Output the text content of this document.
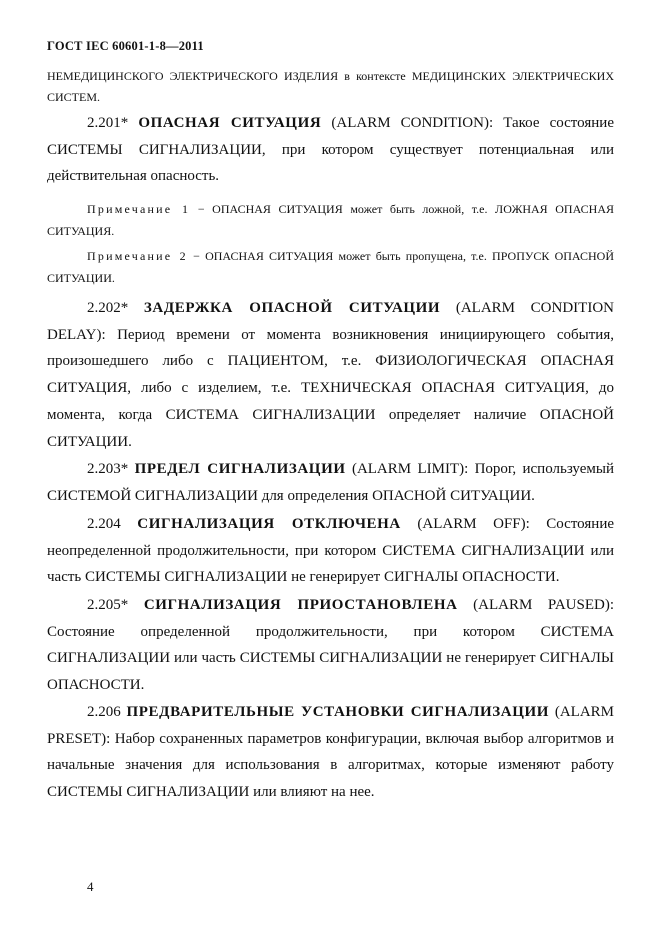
ГОСТ IEC 60601-1-8—2011

НЕМЕДИЦИНСКОГО ЭЛЕКТРИЧЕСКОГО ИЗДЕЛИЯ в контексте МЕДИЦИНСКИХ ЭЛЕКТРИЧЕСКИХ СИСТЕМ.

2.201* ОПАСНАЯ СИТУАЦИЯ (ALARM CONDITION): Такое состояние СИСТЕМЫ СИГНАЛИЗАЦИИ, при котором существует потенциальная или действительная опасность.

Примечание 1 − ОПАСНАЯ СИТУАЦИЯ может быть ложной, т.е. ЛОЖНАЯ ОПАСНАЯ СИТУАЦИЯ.

Примечание 2 − ОПАСНАЯ СИТУАЦИЯ может быть пропущена, т.е. ПРОПУСК ОПАСНОЙ СИТУАЦИИ.

2.202* ЗАДЕРЖКА ОПАСНОЙ СИТУАЦИИ (ALARM CONDITION DELAY): Период времени от момента возникновения инициирующего события, произошедшего либо с ПАЦИЕНТОМ, т.е. ФИЗИОЛОГИЧЕСКАЯ ОПАСНАЯ СИТУАЦИЯ, либо с изделием, т.е. ТЕХНИЧЕСКАЯ ОПАСНАЯ СИТУАЦИЯ, до момента, когда СИСТЕМА СИГНАЛИЗАЦИИ определяет наличие ОПАСНОЙ СИТУАЦИИ.

2.203* ПРЕДЕЛ СИГНАЛИЗАЦИИ (ALARM LIMIT): Порог, используемый СИСТЕМОЙ СИГНАЛИЗАЦИИ для определения ОПАСНОЙ СИТУАЦИИ.

2.204 СИГНАЛИЗАЦИЯ ОТКЛЮЧЕНА (ALARM OFF): Состояние неопределенной продолжительности, при котором СИСТЕМА СИГНАЛИЗАЦИИ или часть СИСТЕМЫ СИГНАЛИЗАЦИИ не генерирует СИГНАЛЫ ОПАСНОСТИ.

2.205* СИГНАЛИЗАЦИЯ ПРИОСТАНОВЛЕНА (ALARM PAUSED): Состояние определенной продолжительности, при котором СИСТЕМА СИГНАЛИЗАЦИИ или часть СИСТЕМЫ СИГНАЛИЗАЦИИ не генерирует СИГНАЛЫ ОПАСНОСТИ.

2.206 ПРЕДВАРИТЕЛЬНЫЕ УСТАНОВКИ СИГНАЛИЗАЦИИ (ALARM PRESET): Набор сохраненных параметров конфигурации, включая выбор алгоритмов и начальные значения для использования в алгоритмах, которые изменяют работу СИСТЕМЫ СИГНАЛИЗАЦИИ или влияют на нее.

4
